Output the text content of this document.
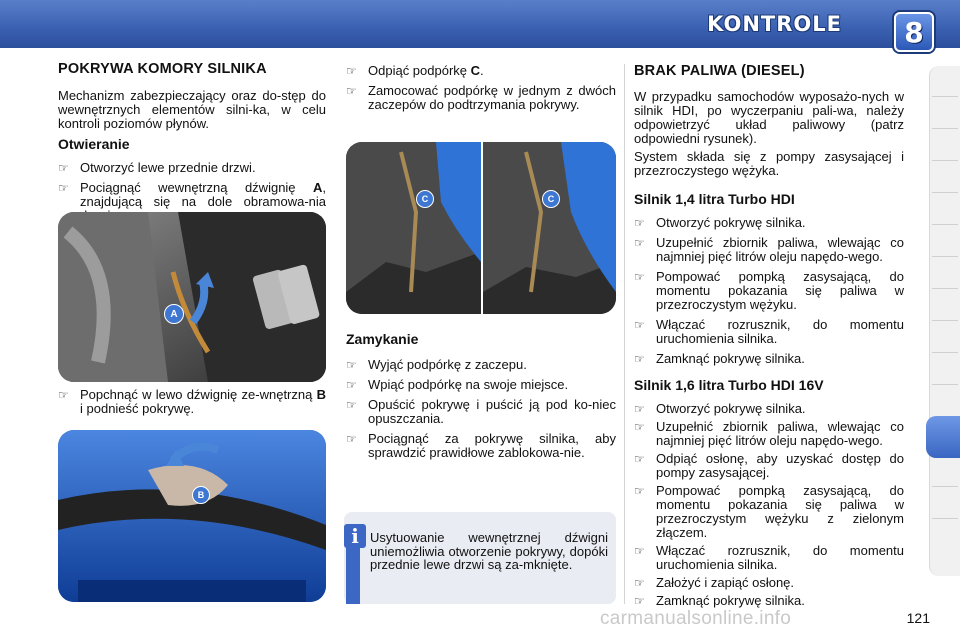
KONTROLE	8
POKRYWA KOMORY SILNIKA

Mechanizm zabezpieczający oraz do-stęp do wewnętrznych elementów silni-ka, w celu kontroli poziomów płynów.

Otwieranie
☞ Otworzyć lewe przednie drzwi.
☞ Pociągnąć wewnętrzną dźwignię A, znajdującą się na dole obramowa-nia
A
☞ Popchnąć w lewo dźwignię ze-wnętrzną B i podnieść pokrywę.
B
☞ Odpiąć podpórkę C.
☞ Zamocować podpórkę w jednym z dwóch zaczepów do podtrzymania pokrywy.
C	C
Zamykanie
☞ Wyjąć podpórkę z zaczepu.
☞ Wpiąć podpórkę na swoje miejsce.
☞ Opuścić pokrywę i puścić ją pod ko-niec opuszczania.
☞ Pociągnąć za pokrywę silnika, aby sprawdzić prawidłowe zablokowa-nie.
i Usytuowanie wewnętrznej dźwigni uniemożliwia otworzenie pokrywy, dopóki przednie lewe drzwi są za-mknięte.
BRAK PALIWA (DIESEL)

W przypadku samochodów wyposażo-nych w silnik HDI, po wyczerpaniu pali-wa, należy odpowietrzyć układ paliwowy (patrz odpowiedni rysunek).

System składa się z pompy zasysającej i przezroczystego wężyka.

Silnik 1,4 litra Turbo HDI
☞ Otworzyć pokrywę silnika.
☞ Uzupełnić zbiornik paliwa, wlewając co najmniej pięć litrów oleju napędo-wego.
☞ Pompować pompką zasysającą, do momentu pokazania się paliwa w przezroczystym wężyku.
☞ Włączać rozrusznik, do momentu uruchomienia silnika.
☞ Zamknąć pokrywę silnika.
Silnik 1,6 litra Turbo HDI 16V
☞ Otworzyć pokrywę silnika.
☞ Uzupełnić zbiornik paliwa, wlewając co najmniej pięć litrów oleju napędo-wego.
☞ Odpiąć osłonę, aby uzyskać dostęp do pompy zasysającej.
☞ Pompować pompką zasysającą, do momentu pokazania się paliwa w przezroczystym wężyku z zielonym złączem.
☞ Włączać rozrusznik, do momentu uruchomienia silnika.
☞ Założyć i zapiąć osłonę.
☞ Zamknąć pokrywę silnika.
carmanualsonline.info	121
